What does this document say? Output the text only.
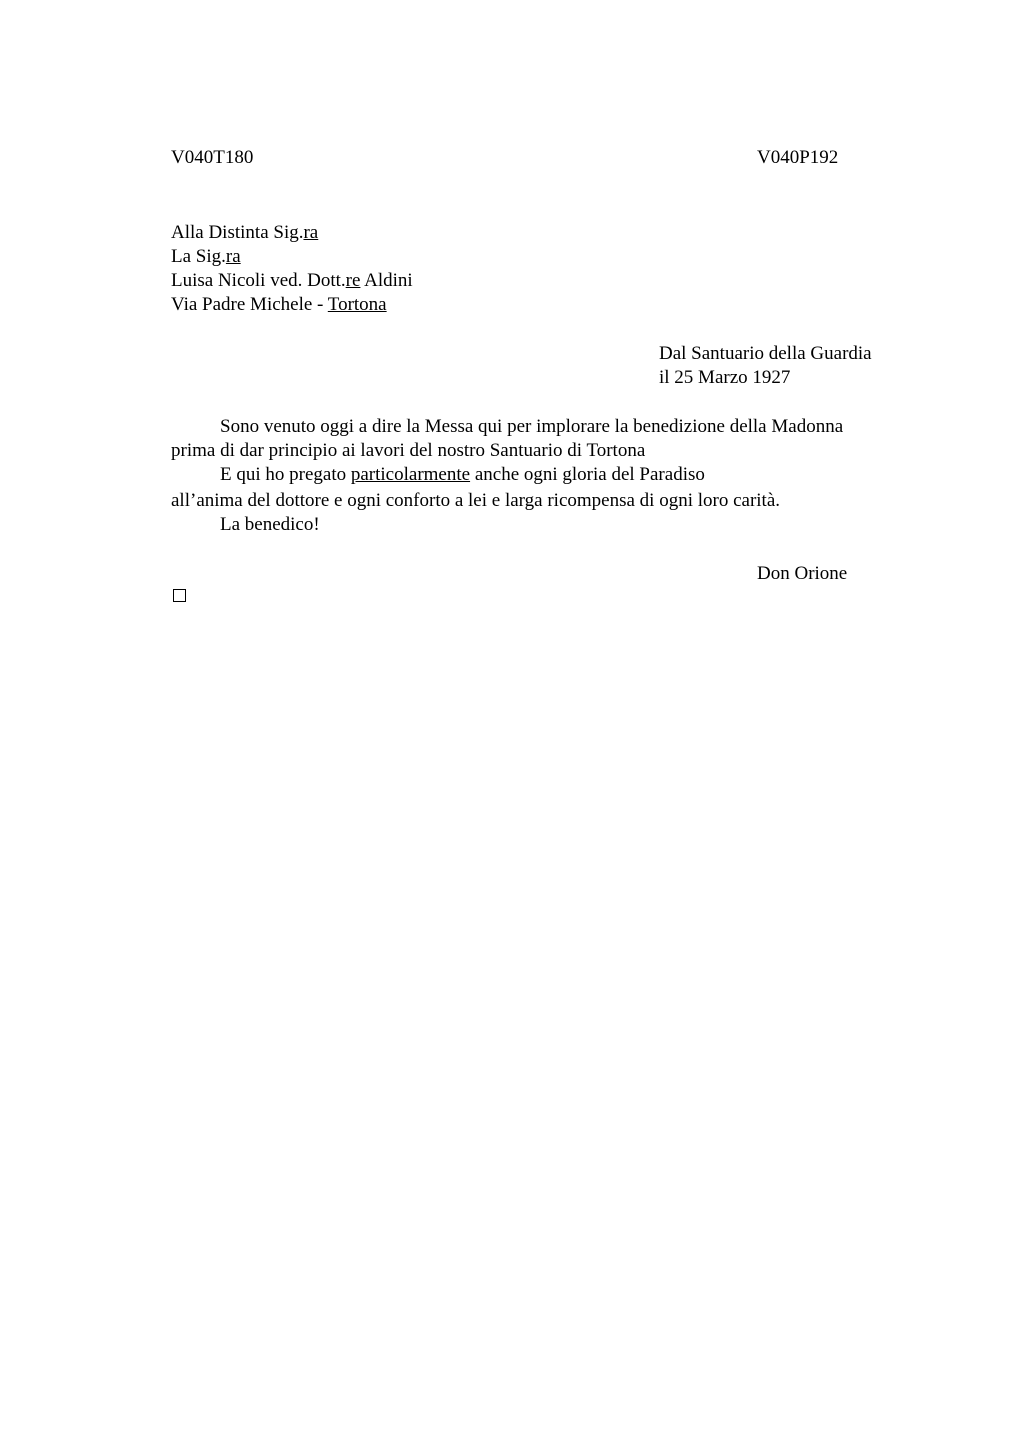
V040T180	V040P192
Alla Distinta Sig.ra
La Sig.ra
Luisa Nicoli ved. Dott.re Aldini
Via Padre Michele - Tortona
Dal Santuario della Guardia
il 25 Marzo 1927
Sono venuto oggi a dire la Messa qui per implorare la benedizione della Madonna
prima di dar principio ai lavori del nostro Santuario di Tortona
E qui ho pregato particolarmente anche ogni gloria del Paradiso
all’anima del dottore e ogni conforto a lei e larga ricompensa di ogni loro carità.
La benedico!
Don Orione
